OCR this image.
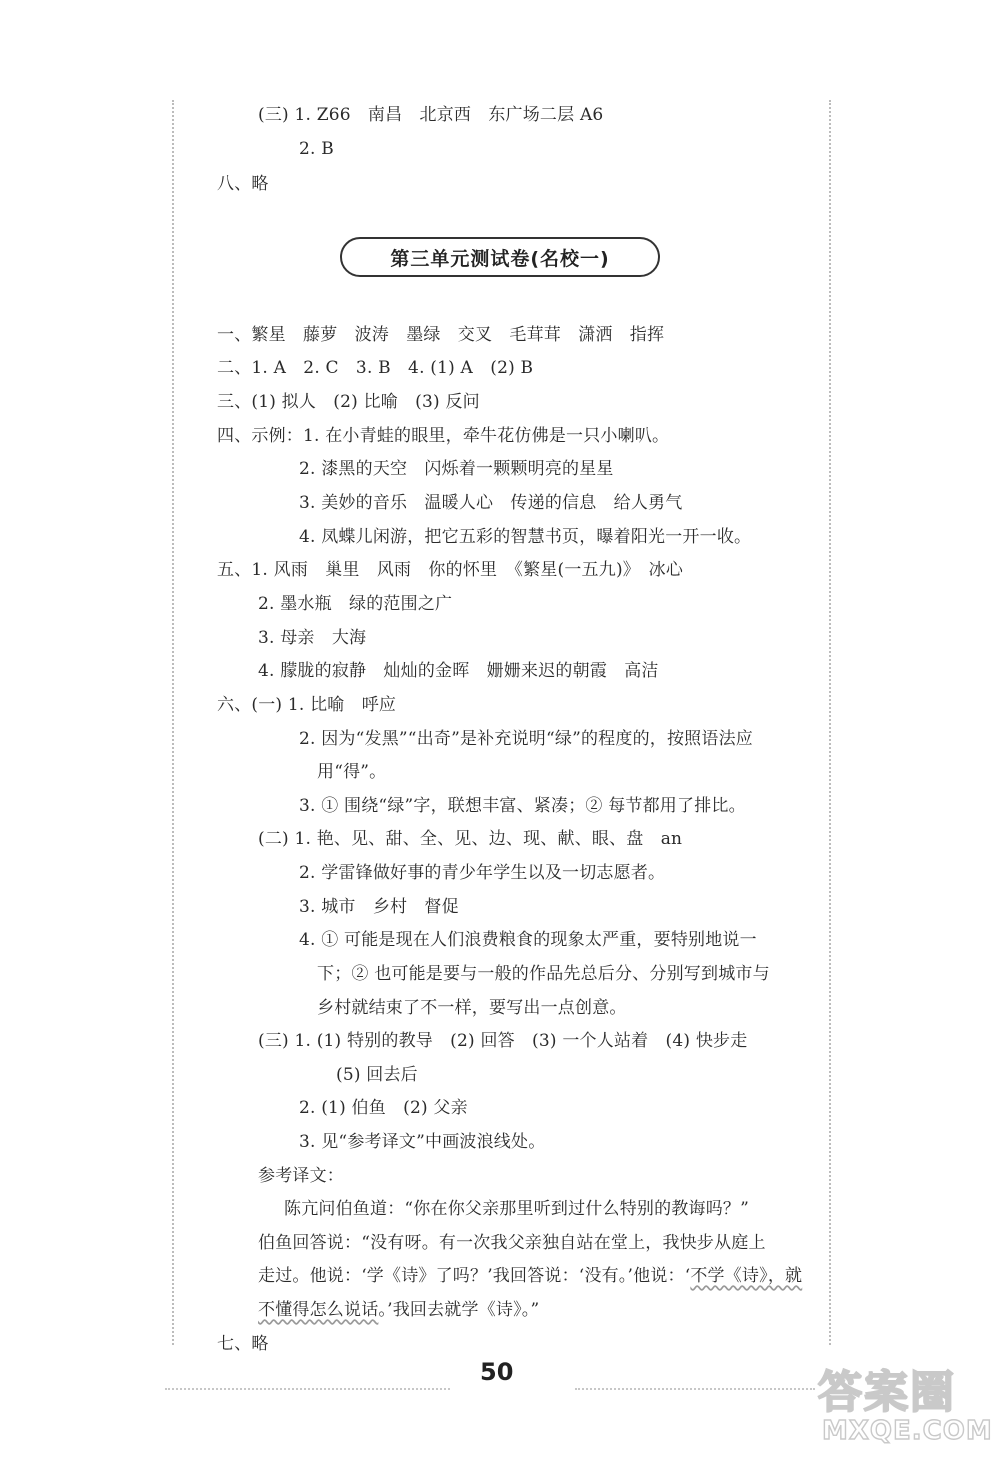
(三) 1. Z66　南昌　北京西　东广场二层 A6
2. B
八、略
第三单元测试卷(名校一)
一、繁星　藤萝　波涛　墨绿　交叉　毛茸茸　潇洒　指挥
二、1. A　2. C　3. B　4. (1) A　(2) B
三、(1) 拟人　(2) 比喻　(3) 反问
四、示例：1. 在小青蛙的眼里，牵牛花仿佛是一只小喇叭。
2. 漆黑的天空　闪烁着一颗颗明亮的星星
3. 美妙的音乐　温暖人心　传递的信息　给人勇气
4. 凤蝶儿闲游，把它五彩的智慧书页，曝着阳光一开一收。
五、1. 风雨　巢里　风雨　你的怀里　《繁星(一五九)》　冰心
2. 墨水瓶　绿的范围之广
3. 母亲　大海
4. 朦胧的寂静　灿灿的金晖　姗姗来迟的朝霞　高洁
六、(一) 1. 比喻　呼应
2. 因为“发黑”“出奇”是补充说明“绿”的程度的，按照语法应
用“得”。
3. ① 围绕“绿”字，联想丰富、紧凑；② 每节都用了排比。
(二) 1. 艳、见、甜、全、见、边、现、献、眼、盘　an
2. 学雷锋做好事的青少年学生以及一切志愿者。
3. 城市　乡村　督促
4. ① 可能是现在人们浪费粮食的现象太严重，要特别地说一
下；② 也可能是要与一般的作品先总后分、分别写到城市与
乡村就结束了不一样，要写出一点创意。
(三) 1. (1) 特别的教导　(2) 回答　(3) 一个人站着　(4) 快步走
(5) 回去后
2. (1) 伯鱼　(2) 父亲
3. 见“参考译文”中画波浪线处。
参考译文：
陈亢问伯鱼道：“你在你父亲那里听到过什么特别的教诲吗？”
伯鱼回答说：“没有呀。有一次我父亲独自站在堂上，我快步从庭上
走过。他说：‘学《诗》了吗？’我回答说：‘没有。’他说：‘不学《诗》，就
不懂得怎么说话。’我回去就学《诗》。”
七、略
50	答案圈
MXQE.COM
